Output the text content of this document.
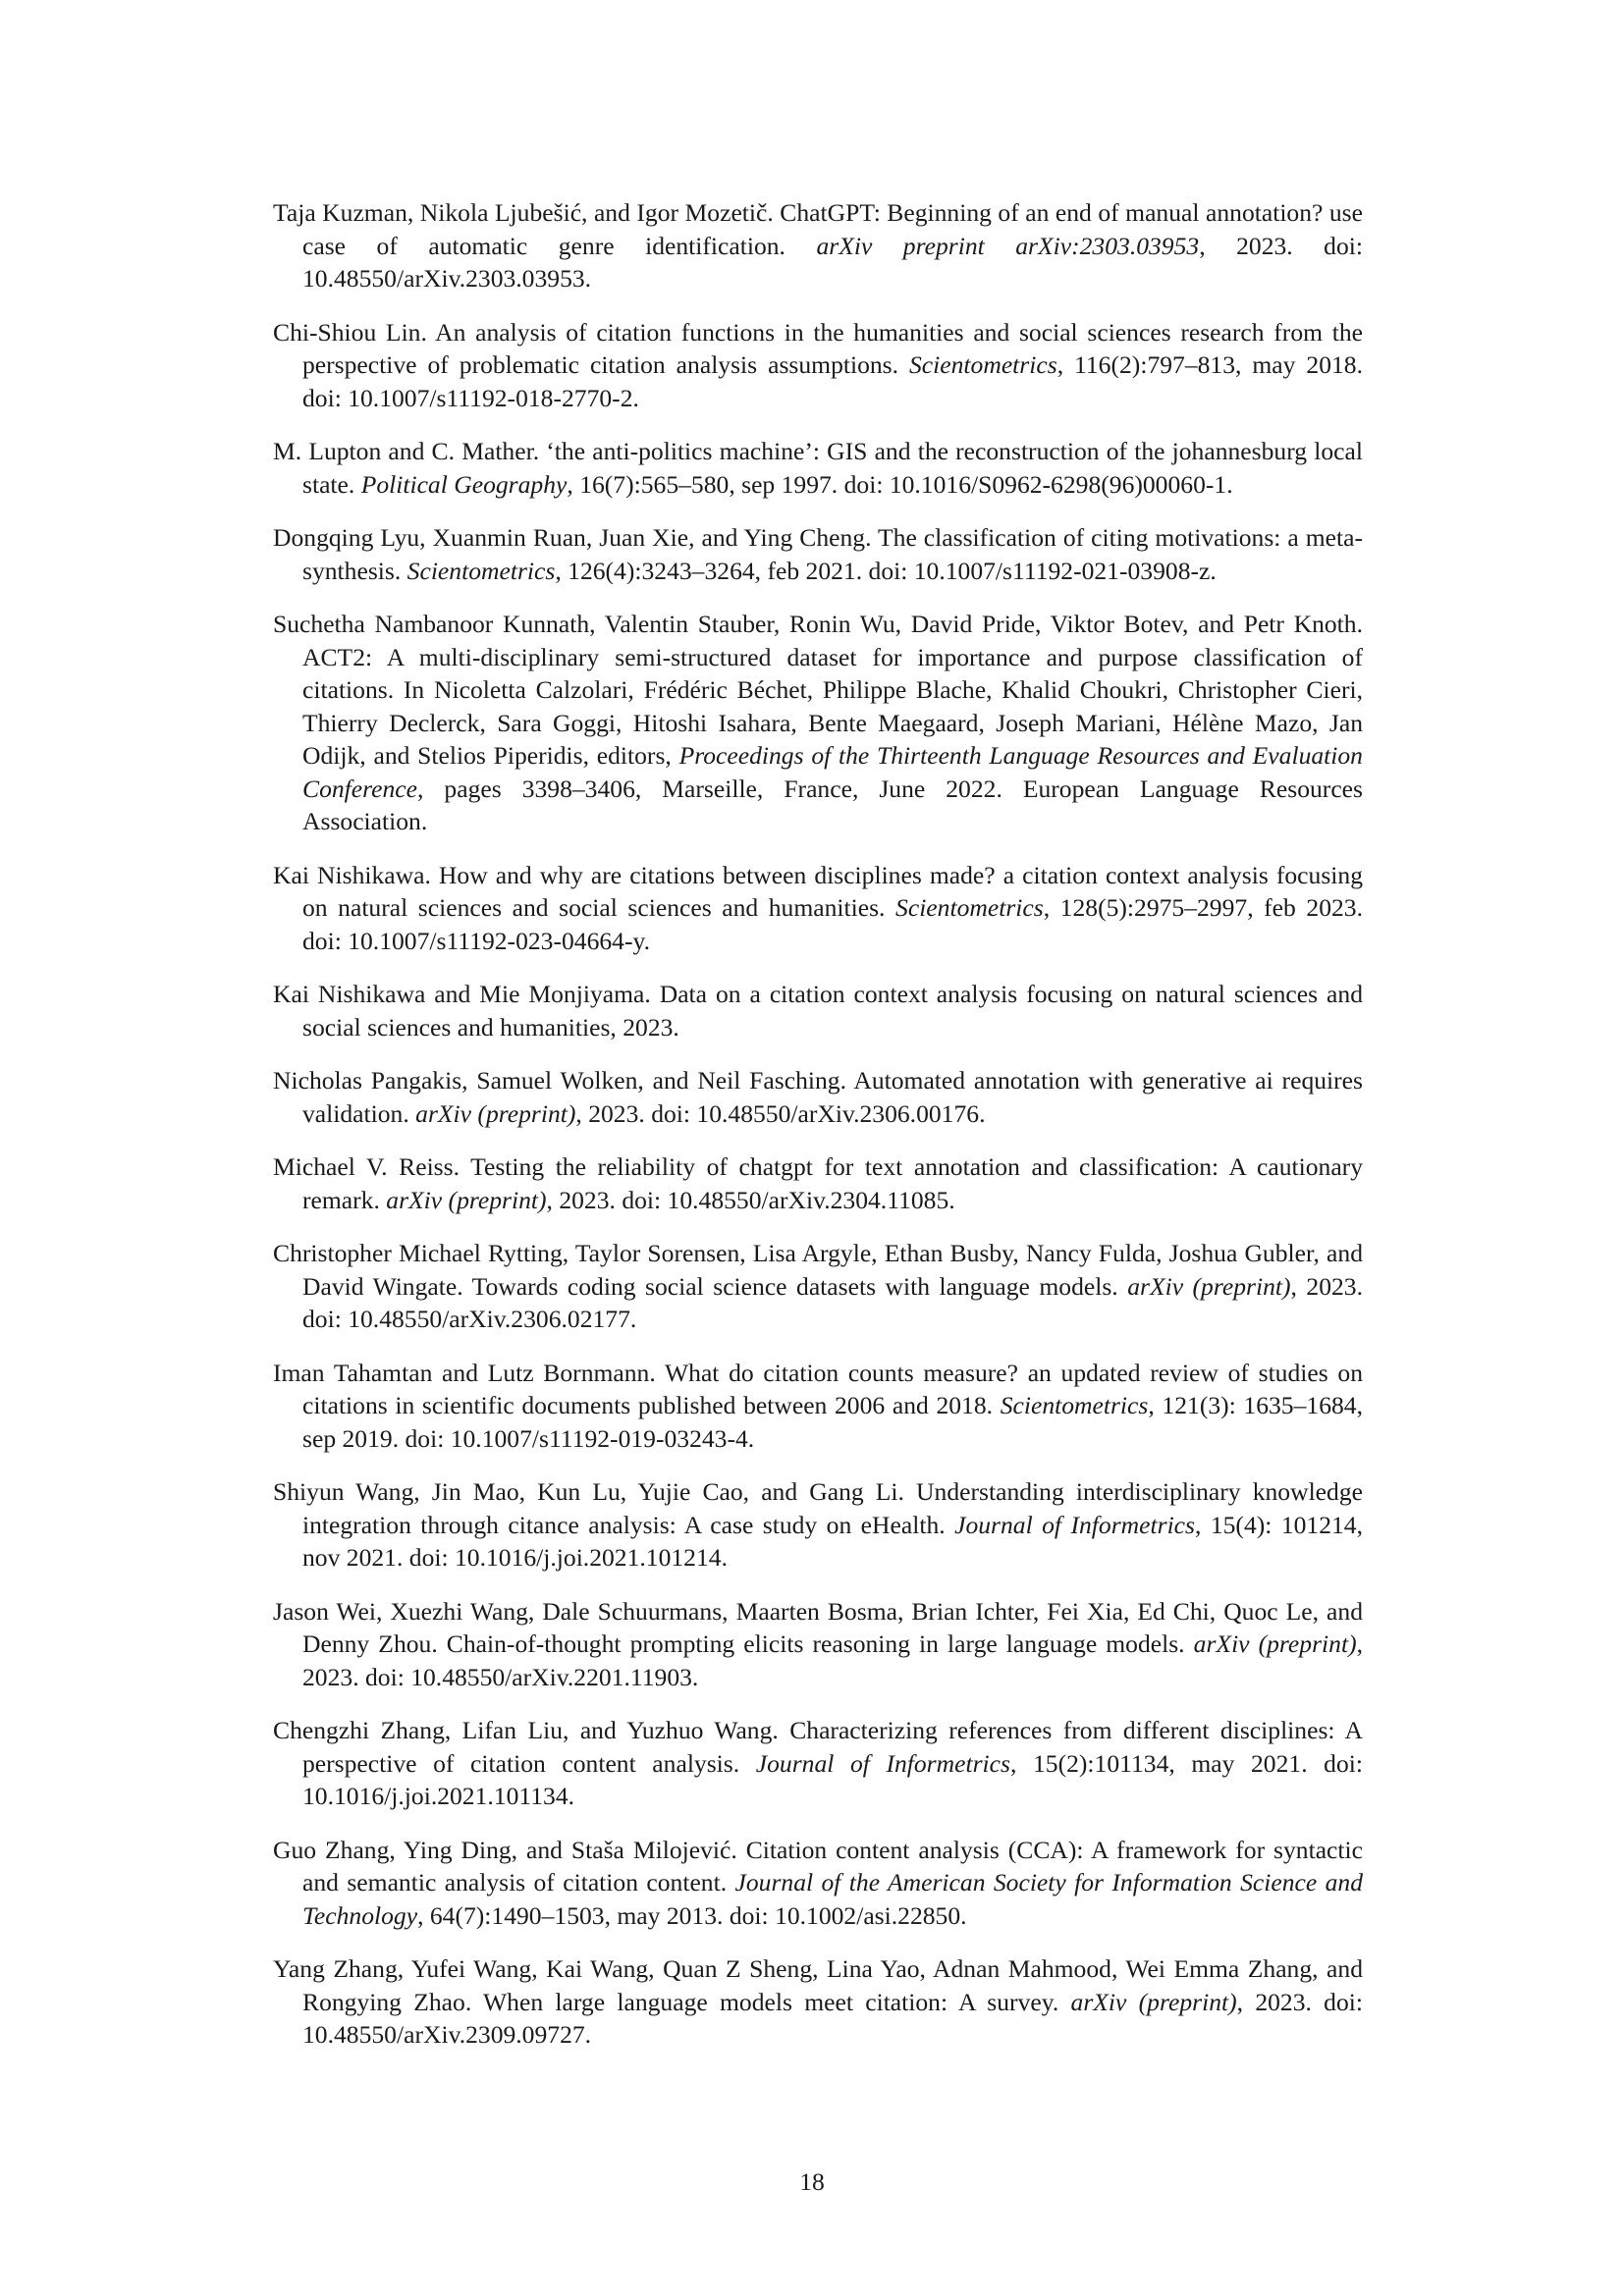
Taja Kuzman, Nikola Ljubešić, and Igor Mozetič. ChatGPT: Beginning of an end of manual annotation? use case of automatic genre identification. arXiv preprint arXiv:2303.03953, 2023. doi: 10.48550/arXiv.2303.03953.

Chi-Shiou Lin. An analysis of citation functions in the humanities and social sciences research from the perspective of problematic citation analysis assumptions. Scientometrics, 116(2):797–813, may 2018. doi: 10.1007/s11192-018-2770-2.

M. Lupton and C. Mather. ‘the anti-politics machine’: GIS and the reconstruction of the johannesburg local state. Political Geography, 16(7):565–580, sep 1997. doi: 10.1016/S0962-6298(96)00060-1.

Dongqing Lyu, Xuanmin Ruan, Juan Xie, and Ying Cheng. The classification of citing motivations: a meta-synthesis. Scientometrics, 126(4):3243–3264, feb 2021. doi: 10.1007/s11192-021-03908-z.

Suchetha Nambanoor Kunnath, Valentin Stauber, Ronin Wu, David Pride, Viktor Botev, and Petr Knoth. ACT2: A multi-disciplinary semi-structured dataset for importance and purpose classification of citations. In Nicoletta Calzolari, Frédéric Béchet, Philippe Blache, Khalid Choukri, Christopher Cieri, Thierry Declerck, Sara Goggi, Hitoshi Isahara, Bente Maegaard, Joseph Mariani, Hélène Mazo, Jan Odijk, and Stelios Piperidis, editors, Proceedings of the Thirteenth Language Resources and Evaluation Conference, pages 3398–3406, Marseille, France, June 2022. European Language Resources Association.

Kai Nishikawa. How and why are citations between disciplines made? a citation context analysis focusing on natural sciences and social sciences and humanities. Scientometrics, 128(5):2975–2997, feb 2023. doi: 10.1007/s11192-023-04664-y.

Kai Nishikawa and Mie Monjiyama. Data on a citation context analysis focusing on natural sciences and social sciences and humanities, 2023.

Nicholas Pangakis, Samuel Wolken, and Neil Fasching. Automated annotation with generative ai requires validation. arXiv (preprint), 2023. doi: 10.48550/arXiv.2306.00176.

Michael V. Reiss. Testing the reliability of chatgpt for text annotation and classification: A cautionary remark. arXiv (preprint), 2023. doi: 10.48550/arXiv.2304.11085.

Christopher Michael Rytting, Taylor Sorensen, Lisa Argyle, Ethan Busby, Nancy Fulda, Joshua Gubler, and David Wingate. Towards coding social science datasets with language models. arXiv (preprint), 2023. doi: 10.48550/arXiv.2306.02177.

Iman Tahamtan and Lutz Bornmann. What do citation counts measure? an updated review of studies on citations in scientific documents published between 2006 and 2018. Scientometrics, 121(3): 1635–1684, sep 2019. doi: 10.1007/s11192-019-03243-4.

Shiyun Wang, Jin Mao, Kun Lu, Yujie Cao, and Gang Li. Understanding interdisciplinary knowledge integration through citance analysis: A case study on eHealth. Journal of Informetrics, 15(4): 101214, nov 2021. doi: 10.1016/j.joi.2021.101214.

Jason Wei, Xuezhi Wang, Dale Schuurmans, Maarten Bosma, Brian Ichter, Fei Xia, Ed Chi, Quoc Le, and Denny Zhou. Chain-of-thought prompting elicits reasoning in large language models. arXiv (preprint), 2023. doi: 10.48550/arXiv.2201.11903.

Chengzhi Zhang, Lifan Liu, and Yuzhuo Wang. Characterizing references from different disciplines: A perspective of citation content analysis. Journal of Informetrics, 15(2):101134, may 2021. doi: 10.1016/j.joi.2021.101134.

Guo Zhang, Ying Ding, and Staša Milojević. Citation content analysis (CCA): A framework for syntactic and semantic analysis of citation content. Journal of the American Society for Information Science and Technology, 64(7):1490–1503, may 2013. doi: 10.1002/asi.22850.

Yang Zhang, Yufei Wang, Kai Wang, Quan Z Sheng, Lina Yao, Adnan Mahmood, Wei Emma Zhang, and Rongying Zhao. When large language models meet citation: A survey. arXiv (preprint), 2023. doi: 10.48550/arXiv.2309.09727.

18
